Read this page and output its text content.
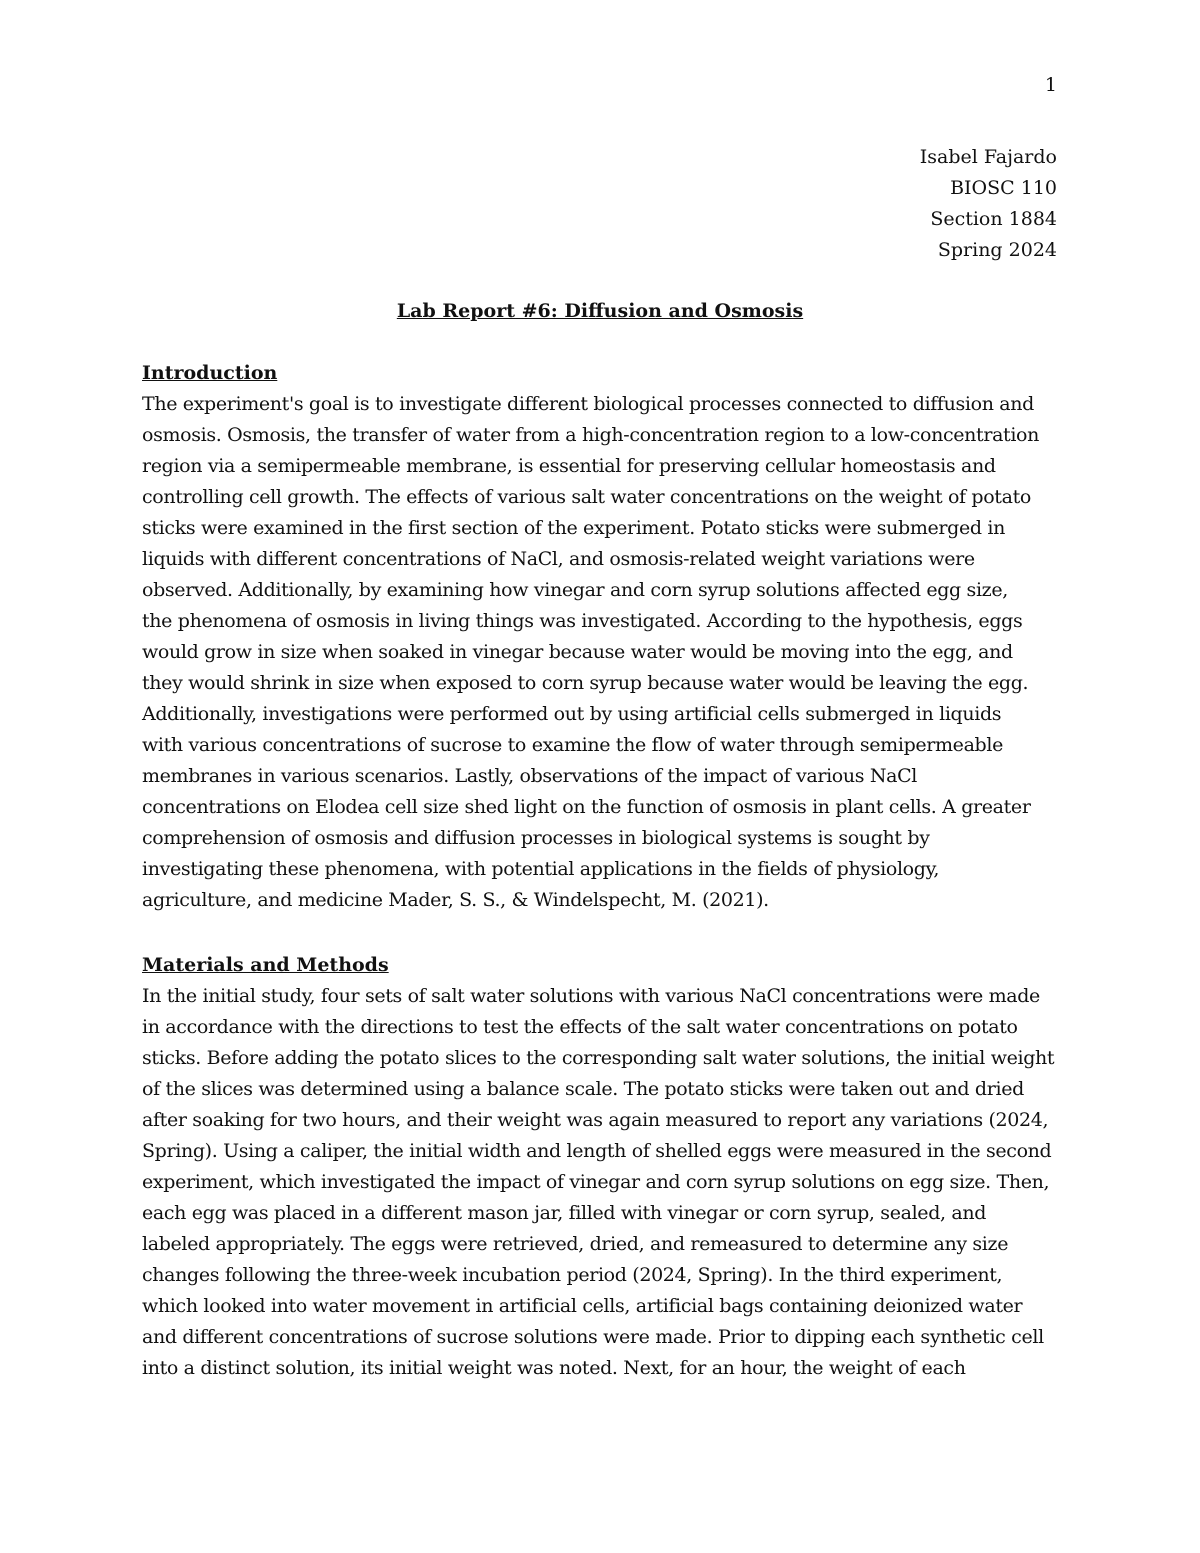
1
Isabel Fajardo
BIOSC 110
Section 1884
Spring 2024
Lab Report #6: Diffusion and Osmosis
Introduction
The experiment's goal is to investigate different biological processes connected to diffusion and
osmosis. Osmosis, the transfer of water from a high-concentration region to a low-concentration
region via a semipermeable membrane, is essential for preserving cellular homeostasis and
controlling cell growth. The effects of various salt water concentrations on the weight of potato
sticks were examined in the first section of the experiment. Potato sticks were submerged in
liquids with different concentrations of NaCl, and osmosis-related weight variations were
observed. Additionally, by examining how vinegar and corn syrup solutions affected egg size,
the phenomena of osmosis in living things was investigated. According to the hypothesis, eggs
would grow in size when soaked in vinegar because water would be moving into the egg, and
they would shrink in size when exposed to corn syrup because water would be leaving the egg.
Additionally, investigations were performed out by using artificial cells submerged in liquids
with various concentrations of sucrose to examine the flow of water through semipermeable
membranes in various scenarios. Lastly, observations of the impact of various NaCl
concentrations on Elodea cell size shed light on the function of osmosis in plant cells. A greater
comprehension of osmosis and diffusion processes in biological systems is sought by
investigating these phenomena, with potential applications in the fields of physiology,
agriculture, and medicine Mader, S. S., & Windelspecht, M. (2021).
Materials and Methods
In the initial study, four sets of salt water solutions with various NaCl concentrations were made
in accordance with the directions to test the effects of the salt water concentrations on potato
sticks. Before adding the potato slices to the corresponding salt water solutions, the initial weight
of the slices was determined using a balance scale. The potato sticks were taken out and dried
after soaking for two hours, and their weight was again measured to report any variations (2024,
Spring). Using a caliper, the initial width and length of shelled eggs were measured in the second
experiment, which investigated the impact of vinegar and corn syrup solutions on egg size. Then,
each egg was placed in a different mason jar, filled with vinegar or corn syrup, sealed, and
labeled appropriately. The eggs were retrieved, dried, and remeasured to determine any size
changes following the three-week incubation period (2024, Spring). In the third experiment,
which looked into water movement in artificial cells, artificial bags containing deionized water
and different concentrations of sucrose solutions were made. Prior to dipping each synthetic cell
into a distinct solution, its initial weight was noted. Next, for an hour, the weight of each
